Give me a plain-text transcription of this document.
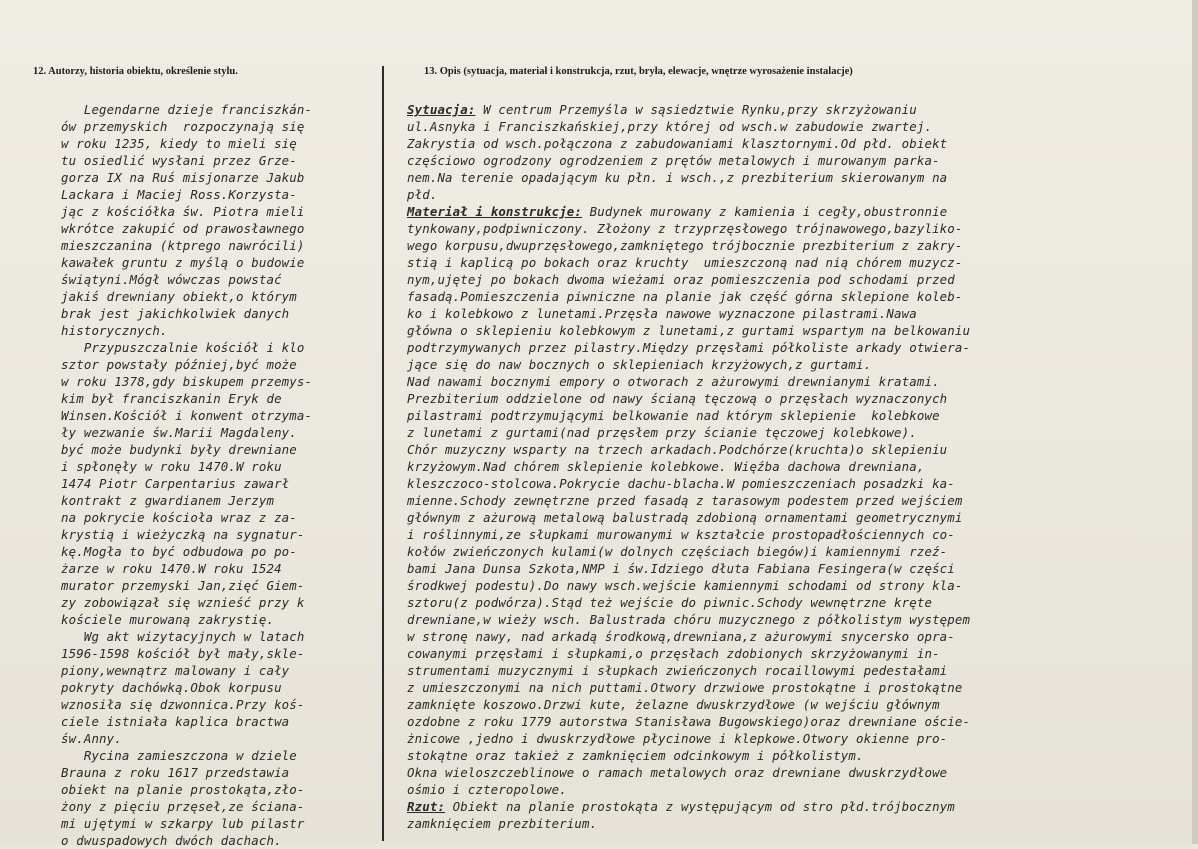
12. Autorzy, historia obiektu, określenie stylu.	13. Opis (sytuacja, materiał i konstrukcja, rzut, bryła, elewacje, wnętrze wyrosażenie instalacje)
Legendarne dzieje franciszkán-
ów przemyskich  rozpoczynają się
w roku 1235, kiedy to mieli się
tu osiedlić wysłani przez Grze-
gorza IX na Ruś misjonarze Jakub
Lackara i Maciej Ross.Korzysta-
jąc z kościółka św. Piotra mieli
wkrótce zakupić od prawosławnego
mieszczanina (ktprego nawrócili)
kawałek gruntu z myślą o budowie
świątyni.Mógł wówczas powstać
jakiś drewniany obiekt,o którym
brak jest jakichkolwiek danych
historycznych.
Przypuszczalnie kościół i klo
sztor powstały później,być może
w roku 1378,gdy biskupem przemys-
kim był franciszkanin Eryk de
Winsen.Kościół i konwent otrzyma-
ły wezwanie św.Marii Magdaleny.
być może budynki były drewniane
i spłonęły w roku 1470.W roku
1474 Piotr Carpentarius zawarł
kontrakt z gwardianem Jerzym
na pokrycie kościoła wraz z za-
krystią i wieżyczką na sygnatur-
kę.Mogła to być odbudowa po po-
żarze w roku 1470.W roku 1524
murator przemyski Jan,zięć Giem-
zy zobowiązał się wznieść przy k
kościele murowaną zakrystię.
Wg akt wizytacyjnych w latach
1596-1598 kościół był mały,skle-
piony,wewnątrz malowany i cały
pokryty dachówką.Obok korpusu
wznosiła się dzwonnica.Przy koś-
ciele istniała kaplica bractwa
św.Anny.
Rycina zamieszczona w dziele
Brauna z roku 1617 przedstawia
obiekt na planie prostokąta,zło-
żony z pięciu przęseł,ze ściana-
mi ujętymi w szkarpy lub pilastr
o dwuspadowych dwóch dachach.
Sytuacja: W centrum Przemyśla w sąsiedztwie Rynku,przy skrzyżowaniu
ul.Asnyka i Franciszkańskiej,przy której od wsch.w zabudowie zwartej.
Zakrystia od wsch.połączona z zabudowaniami klasztornymi.Od płd. obiekt
częściowo ogrodzony ogrodzeniem z prętów metalowych i murowanym parka-
nem.Na terenie opadającym ku płn. i wsch.,z prezbiterium skierowanym na
płd.
Materiał i konstrukcje: Budynek murowany z kamienia i cegły,obustronnie
tynkowany,podpiwniczony. Złożony z trzyprzęsłowego trójnawowego,bazyliko-
wego korpusu,dwuprzęsłowego,zamkniętego trójbocznie prezbiterium z zakry-
stią i kaplicą po bokach oraz kruchty  umieszczoną nad nią chórem muzycz-
nym,ujętej po bokach dwoma wieżami oraz pomieszczenia pod schodami przed
fasadą.Pomieszczenia piwniczne na planie jak część górna sklepione koleb-
ko i kolebkowo z lunetami.Przęsła nawowe wyznaczone pilastrami.Nawa
główna o sklepieniu kolebkowym z lunetami,z gurtami wspartym na belkowaniu
podtrzymywanych przez pilastry.Między przęsłami półkoliste arkady otwiera-
jące się do naw bocznych o sklepieniach krzyżowych,z gurtami.
Nad nawami bocznymi empory o otworach z ażurowymi drewnianymi kratami.
Prezbiterium oddzielone od nawy ścianą tęczową o przęsłach wyznaczonych
pilastrami podtrzymującymi belkowanie nad którym sklepienie  kolebkowe
z lunetami z gurtami(nad przęsłem przy ścianie tęczowej kolebkowe).
Chór muzyczny wsparty na trzech arkadach.Podchórze(kruchta)o sklepieniu
krzyżowym.Nad chórem sklepienie kolebkowe. Więźba dachowa drewniana,
kleszczoco-stolcowa.Pokrycie dachu-blacha.W pomieszczeniach posadzki ka-
mienne.Schody zewnętrzne przed fasadą z tarasowym podestem przed wejściem
głównym z ażurową metalową balustradą zdobioną ornamentami geometrycznymi
i roślinnymi,ze słupkami murowanymi w kształcie prostopadłościennych co-
kołów zwieńczonych kulami(w dolnych częściach biegów)i kamiennymi rzeź-
bami Jana Dunsa Szkota,NMP i św.Idziego dłuta Fabiana Fesingera(w części
środkwej podestu).Do nawy wsch.wejście kamiennymi schodami od strony kla-
sztoru(z podwórza).Stąd też wejście do piwnic.Schody wewnętrzne kręte
drewniane,w wieży wsch. Balustrada chóru muzycznego z półkolistym występem
w stronę nawy, nad arkadą środkową,drewniana,z ażurowymi snycersko opra-
cowanymi przęsłami i słupkami,o przęsłach zdobionych skrzyżowanymi in-
strumentami muzycznymi i słupkach zwieńczonych rocaillowymi pedestałami
z umieszczonymi na nich puttami.Otwory drzwiowe prostokątne i prostokątne
zamknięte koszowo.Drzwi kute, żelazne dwuskrzydłowe (w wejściu głównym
ozdobne z roku 1779 autorstwa Stanisława Bugowskiego)oraz drewniane oście-
żnicowe ,jedno i dwuskrzydłowe płycinowe i klepkowe.Otwory okienne pro-
stokątne oraz takież z zamknięciem odcinkowym i półkolistym.
Okna wieloszczeblinowe o ramach metalowych oraz drewniane dwuskrzydłowe
ośmio i czteropolowe.
Rzut: Obiekt na planie prostokąta z występującym od stro płd.trójbocznym
zamknięciem prezbiterium.
